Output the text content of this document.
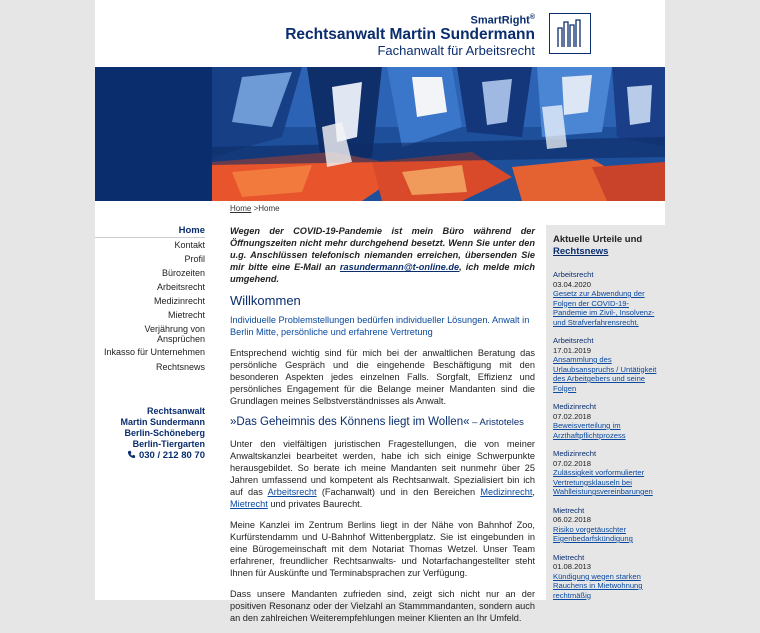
SmartRight®
Rechtsanwalt Martin Sundermann
Fachanwalt für Arbeitsrecht
Home >Home
Home
Kontakt
Profil
Bürozeiten
Arbeitsrecht
Medizinrecht
Mietrecht
Verjährung von Ansprüchen
Inkasso für Unternehmen
Rechtsnews
Rechtsanwalt
Martin Sundermann
Berlin-Schöneberg
Berlin-Tiergarten
030 / 212 80 70
Wegen der COVID-19-Pandemie ist mein Büro während der Öffnungszeiten nicht mehr durchgehend besetzt. Wenn Sie unter den u.g. Anschlüssen telefonisch niemanden erreichen, übersenden Sie mir bitte eine E-Mail an rasundermann@t-online.de, ich melde mich umgehend.
Willkommen
Individuelle Problemstellungen bedürfen individueller Lösungen. Anwalt in Berlin Mitte, persönliche und erfahrene Vertretung

Entsprechend wichtig sind für mich bei der anwaltlichen Beratung das persönliche Gespräch und die eingehende Beschäftigung mit den besonderen Aspekten jedes einzelnen Falls. Sorgfalt, Effizienz und persönliches Engagement für die Belange meiner Mandanten sind die Grundlagen meines Selbstverständnisses als Anwalt.

»Das Geheimnis des Könnens liegt im Wollen« – Aristoteles

Unter den vielfältigen juristischen Fragestellungen, die von meiner Anwaltskanzlei bearbeitet werden, habe ich sich einige Schwerpunkte herausgebildet. So berate ich meine Mandanten seit nunmehr über 25 Jahren umfassend und kompetent als Rechtsanwalt. Spezialisiert bin ich auf das Arbeitsrecht (Fachanwalt) und in den Bereichen Medizinrecht, Mietrecht und privates Baurecht.

Meine Kanzlei im Zentrum Berlins liegt in der Nähe von Bahnhof Zoo, Kurfürstendamm und U-Bahnhof Wittenbergplatz. Sie ist eingebunden in eine Bürogemeinschaft mit dem Notariat Thomas Wetzel. Unser Team erfahrener, freundlicher Rechtsanwalts- und Notarfachangestellter steht Ihnen für Auskünfte und Terminabsprachen zur Verfügung.

Dass unsere Mandanten zufrieden sind, zeigt sich nicht nur an der positiven Resonanz oder der Vielzahl an Stammmandanten, sondern auch an den zahlreichen Weiterempfehlungen meiner Klienten an Ihr Umfeld.

Aktuelle Urteile und
Rechtsnews
Arbeitsrecht
03.04.2020
Gesetz zur Abwendung der Folgen der COVID-19-Pandemie im Zivil-, Insolvenz- und Strafverfahrensrecht.
Arbeitsrecht
17.01.2019
Ansammlung des Urlaubsanspruchs / Untätigkeit des Arbeitgebers und seine Folgen
Medizinrecht
07.02.2018
Beweisverteilung im Arzthaftpflichtprozess
Medizinrecht
07.02.2018
Zulässigkeit vorformulierter Vertretungsklauseln bei Wahlleistungsvereinbarungen
Mietrecht
06.02.2018
Risiko vorgetäuschter Eigenbedarfskündigung
Mietrecht
01.08.2013
Kündigung wegen starken Rauchens in Mietwohnung rechtmäßig
